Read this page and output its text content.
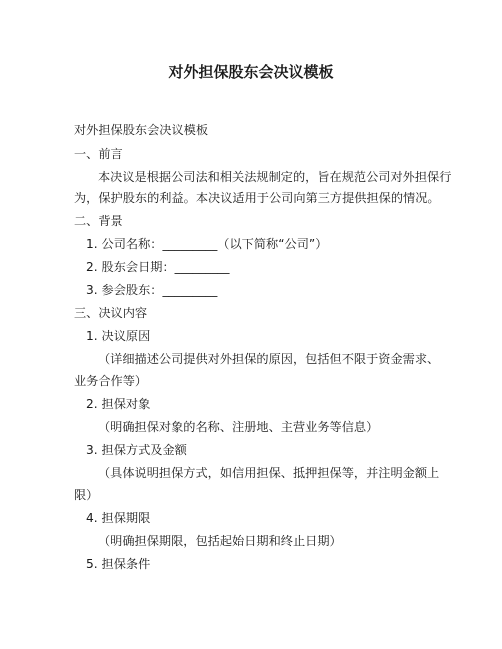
对外担保股东会决议模板
对外担保股东会决议模板
一、前言
本决议是根据公司法和相关法规制定的，旨在规范公司对外担保行
为，保护股东的利益。本决议适用于公司向第三方提供担保的情况。
二、背景
1. 公司名称：_________（以下简称“公司”）
2. 股东会日期：_________
3. 参会股东：_________
三、决议内容
1. 决议原因
（详细描述公司提供对外担保的原因，包括但不限于资金需求、
业务合作等）
2. 担保对象
（明确担保对象的名称、注册地、主营业务等信息）
3. 担保方式及金额
（具体说明担保方式，如信用担保、抵押担保等，并注明金额上
限）
4. 担保期限
（明确担保期限，包括起始日期和终止日期）
5. 担保条件
